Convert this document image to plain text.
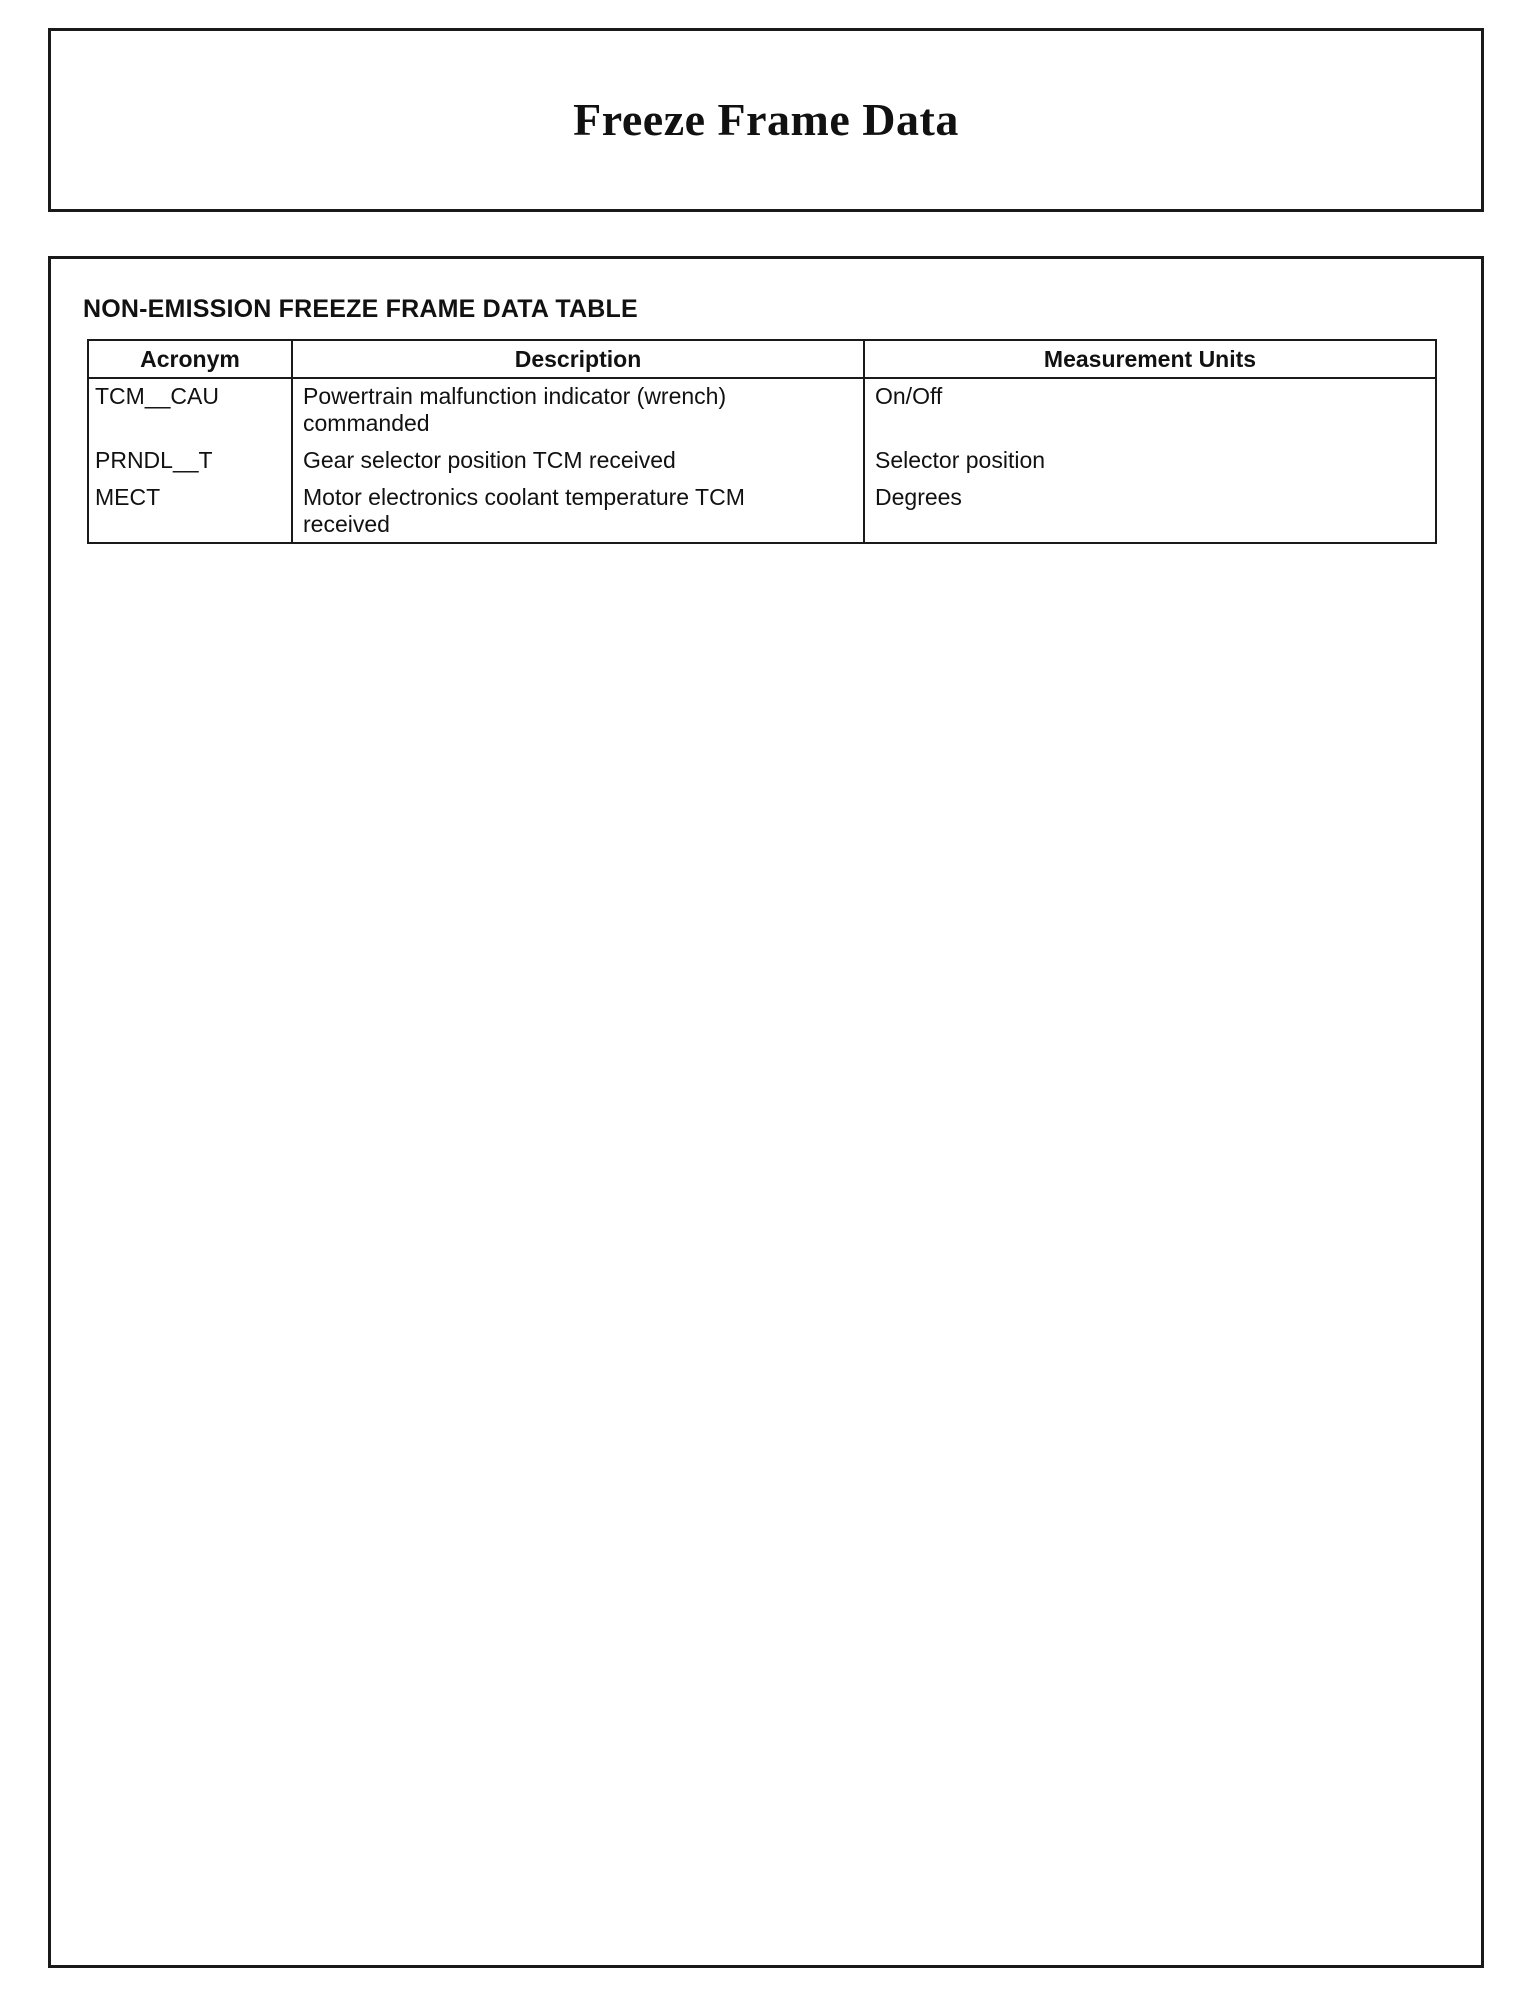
Freeze Frame Data
NON-EMISSION FREEZE FRAME DATA TABLE
Acronym	Description	Measurement Units
TCM__CAU	Powertrain malfunction indicator (wrench) commanded	On/Off
PRNDL__T	Gear selector position TCM received	Selector position
MECT	Motor electronics coolant temperature TCM received	Degrees
